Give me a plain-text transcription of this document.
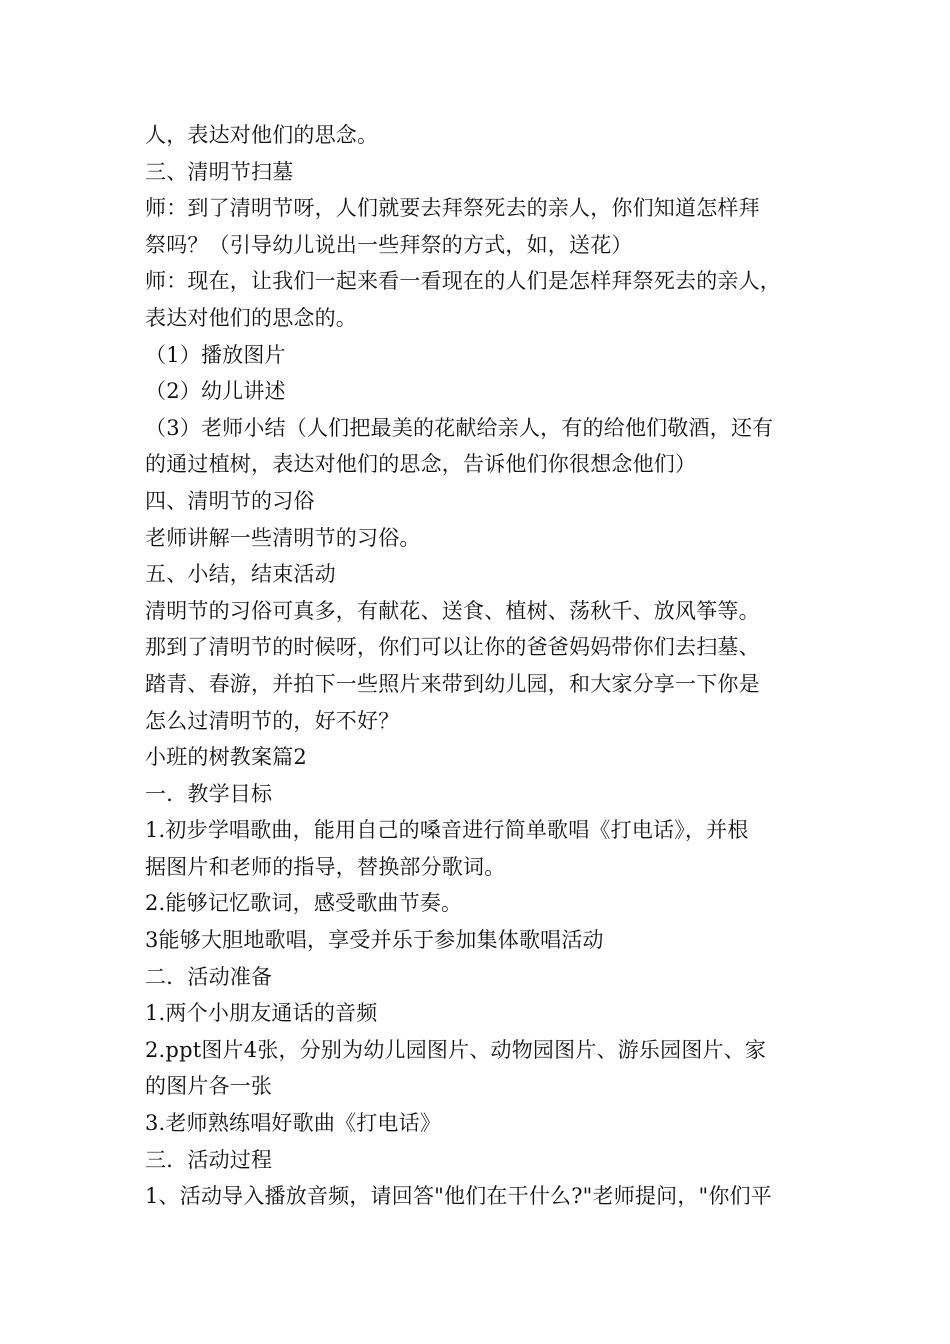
人，表达对他们的思念。
三、清明节扫墓
师：到了清明节呀，人们就要去拜祭死去的亲人，你们知道怎样拜
祭吗？（引导幼儿说出一些拜祭的方式，如，送花）
师：现在，让我们一起来看一看现在的人们是怎样拜祭死去的亲人，
表达对他们的思念的。
（1）播放图片
（2）幼儿讲述
（3）老师小结（人们把最美的花献给亲人，有的给他们敬酒，还有
的通过植树，表达对他们的思念，告诉他们你很想念他们）
四、清明节的习俗
老师讲解一些清明节的习俗。
五、小结，结束活动
清明节的习俗可真多，有献花、送食、植树、荡秋千、放风筝等。
那到了清明节的时候呀，你们可以让你的爸爸妈妈带你们去扫墓、
踏青、春游，并拍下一些照片来带到幼儿园，和大家分享一下你是
怎么过清明节的，好不好？
小班的树教案篇2
一．教学目标
1.初步学唱歌曲，能用自己的嗓音进行简单歌唱《打电话》，并根
据图片和老师的指导，替换部分歌词。
2.能够记忆歌词，感受歌曲节奏。
3能够大胆地歌唱，享受并乐于参加集体歌唱活动
二．活动准备
1.两个小朋友通话的音频
2.ppt图片4张，分别为幼儿园图片、动物园图片、游乐园图片、家
的图片各一张
3.老师熟练唱好歌曲《打电话》
三．活动过程
1、活动导入播放音频，请回答"他们在干什么?"老师提问，"你们平
